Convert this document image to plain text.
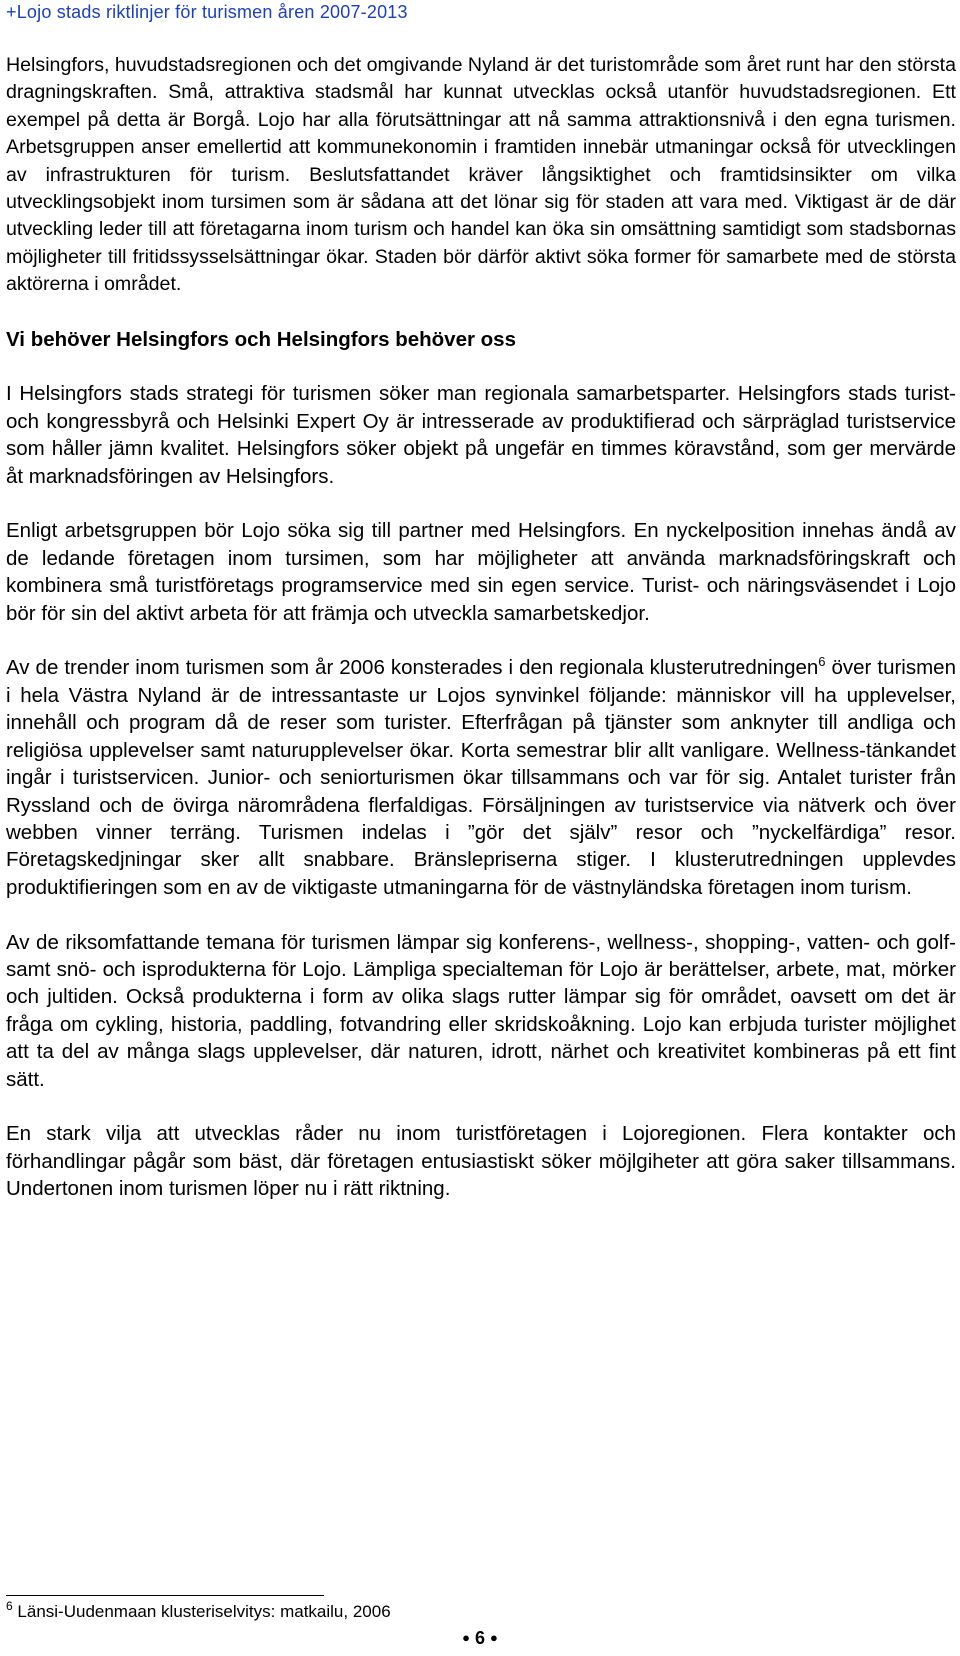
+Lojo stads riktlinjer för turismen åren 2007-2013

Helsingfors, huvudstadsregionen och det omgivande Nyland är det turistområde som året runt har den största dragningskraften. Små, attraktiva stadsmål har kunnat utvecklas också utanför huvudstadsregionen. Ett exempel på detta är Borgå. Lojo har alla förutsättningar att nå samma attraktionsnivå i den egna turismen. Arbetsgruppen anser emellertid att kommunekonomin i framtiden innebär utmaningar också för utvecklingen av infrastrukturen för turism. Beslutsfattandet kräver långsiktighet och framtidsinsikter om vilka utvecklingsobjekt inom tursimen som är sådana att det lönar sig för staden att vara med. Viktigast är de där utveckling leder till att företagarna inom turism och handel kan öka sin omsättning samtidigt som stadsbornas möjligheter till fritidssysselsättningar ökar. Staden bör därför aktivt söka former för samarbete med de största aktörerna i området.

Vi behöver Helsingfors och Helsingfors behöver oss

I Helsingfors stads strategi för turismen söker man regionala samarbetsparter. Helsingfors stads turist- och kongressbyrå och Helsinki Expert Oy är intresserade av produktifierad och särpräglad turistservice som håller jämn kvalitet. Helsingfors söker objekt på ungefär en timmes köravstånd, som ger mervärde åt marknadsföringen av Helsingfors.

Enligt arbetsgruppen bör Lojo söka sig till partner med Helsingfors. En nyckelposition innehas ändå av de ledande företagen inom tursimen, som har möjligheter att använda marknadsföringskraft och kombinera små turistföretags programservice med sin egen service. Turist- och näringsväsendet i Lojo bör för sin del aktivt arbeta för att främja och utveckla samarbetskedjor.

Av de trender inom turismen som år 2006 konsterades i den regionala klusterutredningen$^6$ över turismen i hela Västra Nyland är de intressantaste ur Lojos synvinkel följande: människor vill ha upplevelser, innehåll och program då de reser som turister. Efterfrågan på tjänster som anknyter till andliga och religiösa upplevelser samt naturupplevelser ökar. Korta semestrar blir allt vanligare. Wellness-tänkandet ingår i turistservicen. Junior- och seniorturismen ökar tillsammans och var för sig. Antalet turister från Ryssland och de övirga närområdena flerfaldigas. Försäljningen av turistservice via nätverk och över webben vinner terräng. Turismen indelas i ”gör det själv” resor och ”nyckelfärdiga” resor. Företagskedjningar sker allt snabbare. Bränslepriserna stiger. I klusterutredningen upplevdes produktifieringen som en av de viktigaste utmaningarna för de västnyländska företagen inom turism.

Av de riksomfattande temana för turismen lämpar sig konferens-, wellness-, shopping-, vatten- och golf- samt snö- och isprodukterna för Lojo. Lämpliga specialteman för Lojo är berättelser, arbete, mat, mörker och jultiden. Också produkterna i form av olika slags rutter lämpar sig för området, oavsett om det är fråga om cykling, historia, paddling, fotvandring eller skridskoåkning. Lojo kan erbjuda turister möjlighet att ta del av många slags upplevelser, där naturen, idrott, närhet och kreativitet kombineras på ett fint sätt.

En stark vilja att utvecklas råder nu inom turistföretagen i Lojoregionen. Flera kontakter och förhandlingar pågår som bäst, där företagen entusiastiskt söker möjlgiheter att göra saker tillsammans. Undertonen inom turismen löper nu i rätt riktning.

$^6$ Länsi-Uudenmaan klusteriselvitys: matkailu, 2006
● 6 ●
